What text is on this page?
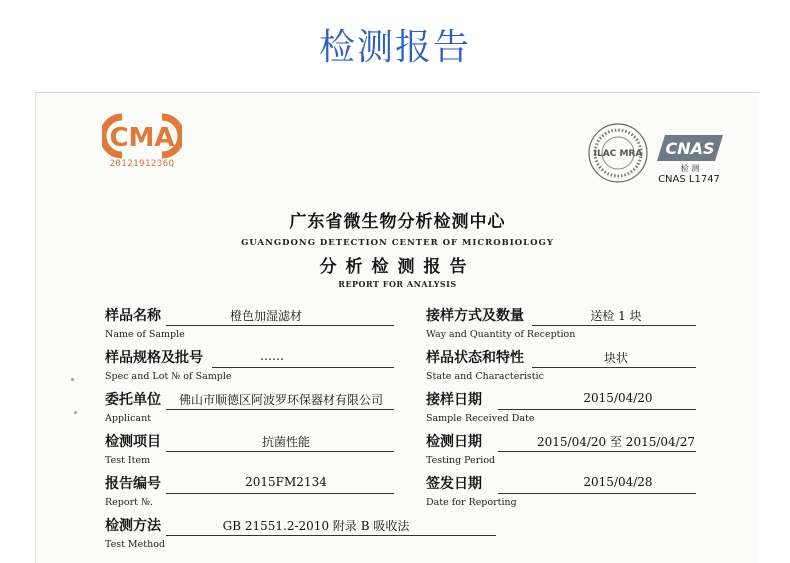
检测报告
CMA
2012191236Q
ILAC MRA CNAS
检 测
CNAS L1747
广东省微生物分析检测中心
GUANGDONG DETECTION CENTER OF MICROBIOLOGY
分析检测报告
REPORT FOR ANALYSIS
样品名称	橙色加湿滤材
Name of Sample
样品规格及批号	……
Spec and Lot № of Sample
委托单位	佛山市顺德区阿波罗环保器材有限公司
Applicant
检测项目	抗菌性能
Test Item
报告编号	2015FM2134
Report №.
检测方法	GB 21551.2-2010 附录 B 吸收法
Test Method
接样方式及数量	送检 1 块
Way and Quantity of Reception
样品状态和特性	块状
State and Characteristic
接样日期	2015/04/20
Sample Received Date
检测日期	2015/04/20 至 2015/04/27
Testing Period
签发日期	2015/04/28
Date for Reporting
